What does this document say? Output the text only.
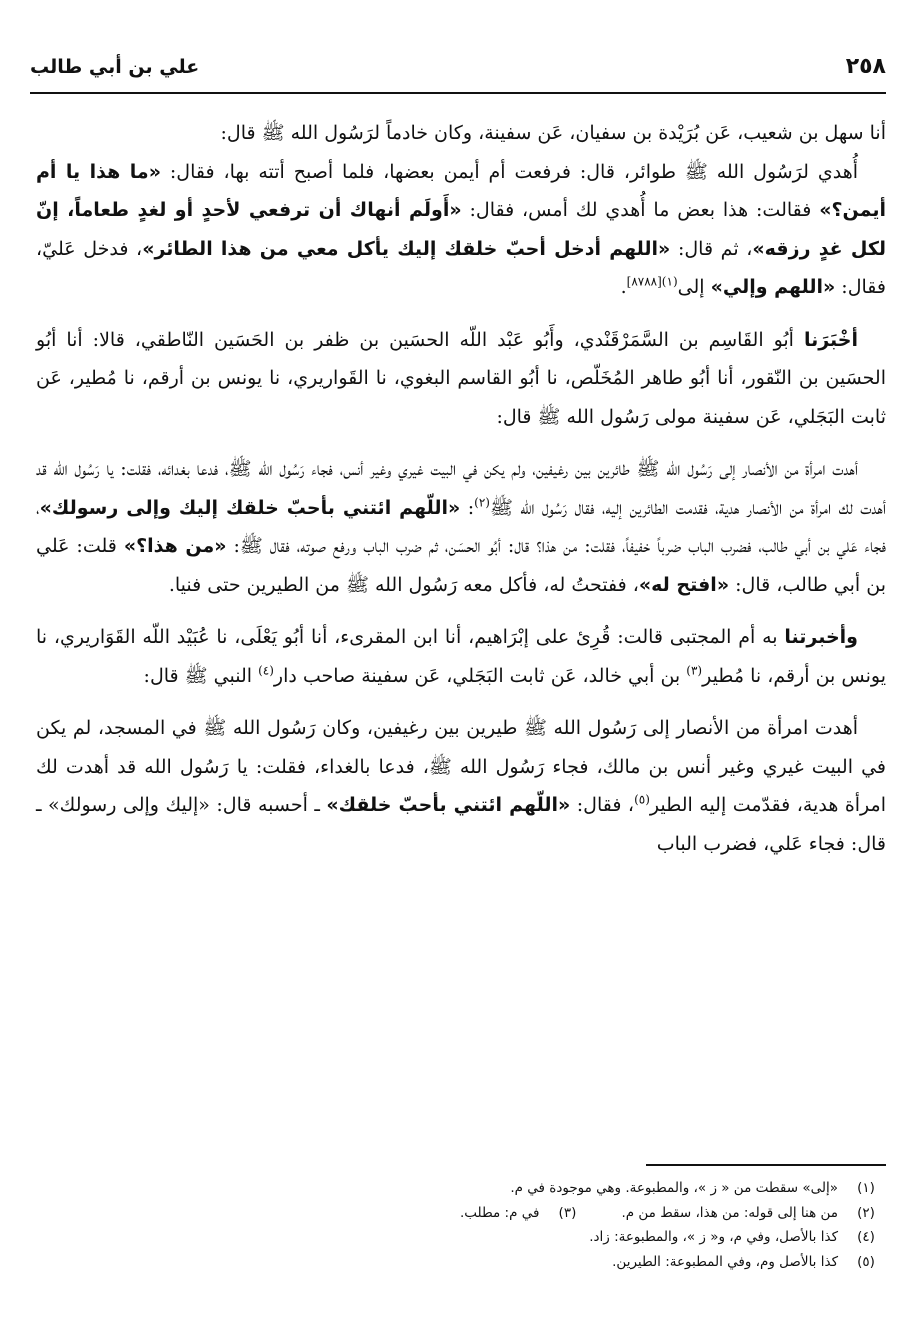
٢٥٨
علي بن أبي طالب

أنا سهل بن شعيب، عَن بُرَيْدة بن سفيان، عَن سفينة، وكان خادماً لرَسُول الله ﷺ قال:

أُهدي لرَسُول الله ﷺ طوائر، قال: فرفعت أم أيمن بعضها، فلما أصبح أتته بها، فقال: «ما هذا يا أم أيمن؟» فقالت: هذا بعض ما أُهدي لك أمس، فقال: «أَولَم أنهاك أن ترفعي لأحدٍ أو لغدٍ طعاماً، إنّ لكل غدٍ رزقه»، ثم قال: «اللهم أدخل أحبّ خلقك إليك يأكل معي من هذا الطائر»، فدخل عَليّ، فقال: «اللهم وإلي» إلى$^{(١)[٨٧٨٨]}$.

أخْبَرَنا أبُو القَاسِم بن السَّمَرْقَنْدي، وأَبُو عَبْد اللّه الحسَين بن ظفر بن الحَسَين النّاطقي، قالا: أنا أبُو الحسَين بن النّقور، أنا أبُو طاهر المُخَلّص، نا أبُو القاسم البغوي، نا القَواريري، نا يونس بن أرقم، نا مُطير، عَن ثابت البَجَلي، عَن سفينة مولى رَسُول الله ﷺ قال:

أهدت امرأة من الأنصار إلى رَسُول الله ﷺ طائرين بين رغيفين، ولم يكن في البيت غيري وغير أنس، فجاء رَسُول الله ﷺ، فدعا بغدائه، فقلت: يا رَسُول الله قد أهدت لك امرأة من الأنصار هدية، فقدمت الطائرين إليه، فقال رَسُول الله ﷺ$^{(٢)}$: «اللّهم ائتني بأحبّ خلقك إليك وإلى رسولك»، فجاء عَلي بن أبي طالب، فضرب الباب ضرباً خفيفاً، فقلت: من هذا؟ قال: أبُو الحسَن، ثم ضرب الباب ورفع صوته، فقال ﷺ: «من هذا؟» قلت: عَلي بن أبي طالب، قال: «افتح له»، ففتحتُ له، فأكل معه رَسُول الله ﷺ من الطيرين حتى فنيا.

وأخبرتنا به أم المجتبى قالت: قُرِئ على إبْرَاهيم، أنا ابن المقرىء، أنا أبُو يَعْلَى، نا عُبَيْد اللّه القَوَاريري، نا يونس بن أرقم، نا مُطير$^{(٣)}$ بن أبي خالد، عَن ثابت البَجَلي، عَن سفينة صاحب دار$^{(٤)}$ النبي ﷺ قال:

أهدت امرأة من الأنصار إلى رَسُول الله ﷺ طيرين بين رغيفين، وكان رَسُول الله ﷺ في المسجد، لم يكن في البيت غيري وغير أنس بن مالك، فجاء رَسُول الله ﷺ، فدعا بالغداء، فقلت: يا رَسُول الله قد أهدت لك امرأة هدية، فقدّمت إليه الطير$^{(٥)}$، فقال: «اللّهم ائتني بأحبّ خلقك» ـ أحسبه قال: «إليك وإلى رسولك» ـ قال: فجاء عَلي، فضرب الباب

(١)
«إلى» سقطت من « ز »، والمطبوعة. وهي موجودة في م.
(٢)
من هنا إلى قوله: من هذا، سقط من م.
(٣)
في م: مطلب.
(٤)
كذا بالأصل، وفي م، و« ز »، والمطبوعة: زاد.
(٥)
كذا بالأصل وم، وفي المطبوعة: الطيرين.
